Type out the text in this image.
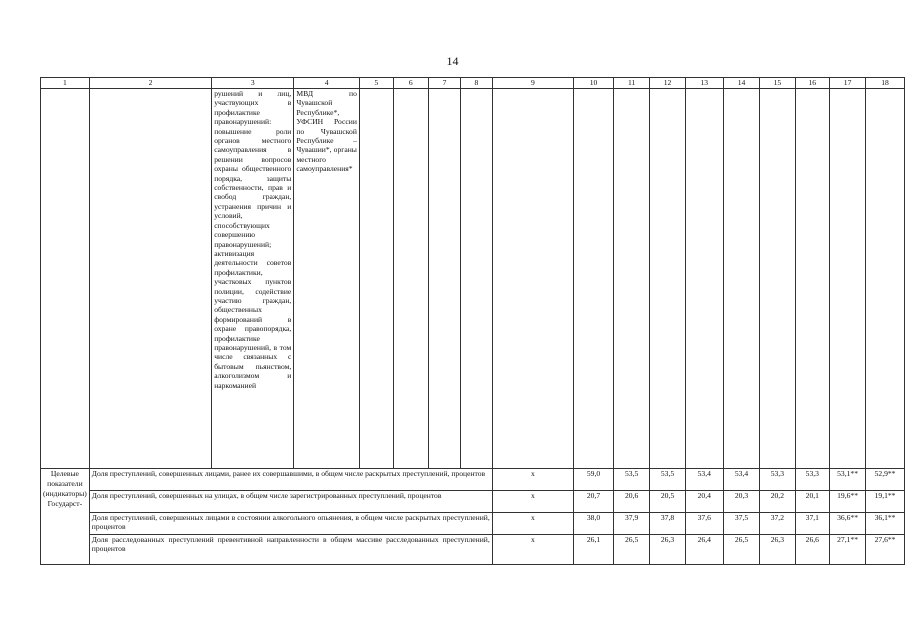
14
1	2	3	4	5	6	7	8	9	10	11	12	13	14	15	16	17	18
		рушений и лиц, участвующих в профилактике правонарушений: повышение роли органов местного самоуправления в решении вопросов охраны общественного порядка, защиты собственности, прав и свобод граждан, устранения причин и условий, способствующих совершению правонарушений; активизация деятельности советов профилактики, участковых пунктов полиции, содействие участию граждан, общественных формирований в охране правопорядка, профилактике правонарушений, в том числе связанных с бытовым пьянством, алкоголизмом и наркоманией	МВД по Чувашской Республике*, УФСИН России по Чувашской Республике – Чувашии*, органы местного самоуправления*														
Целевые показатели (индикаторы) Государст-	Доля преступлений, совершенных лицами, ранее их совершавшими, в общем числе раскрытых преступлений, процентов							x	59,0	53,5	53,5	53,4	53,4	53,3	53,3	53,1**	52,9**
	Доля преступлений, совершенных на улицах, в общем числе зарегистрированных преступлений, процентов							x	20,7	20,6	20,5	20,4	20,3	20,2	20,1	19,6**	19,1**
	Доля преступлений, совершенных лицами в состоянии алкогольного опьянения, в общем числе раскрытых преступлений, процентов							x	38,0	37,9	37,8	37,6	37,5	37,2	37,1	36,6**	36,1**
	Доля расследованных преступлений превентивной направленности в общем массиве расследованных преступлений, процентов							x	26,1	26,5	26,3	26,4	26,5	26,3	26,6	27,1**	27,6**
